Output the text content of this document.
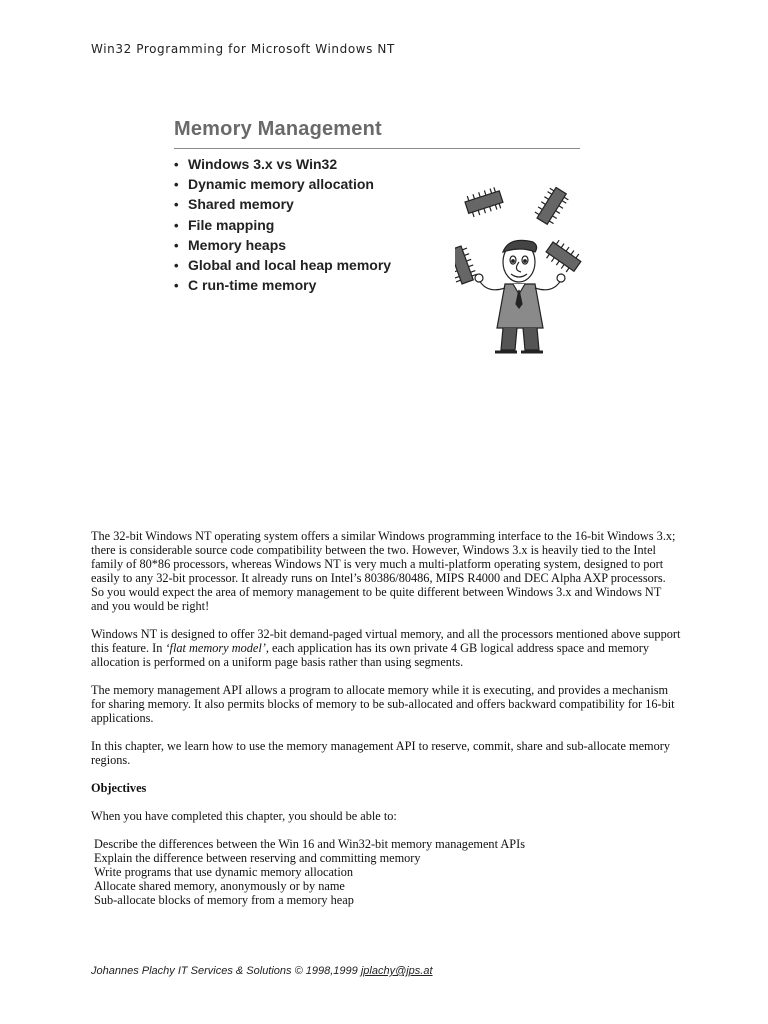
Win32 Programming for Microsoft Windows NT
Memory Management
• Windows 3.x vs Win32
• Dynamic memory allocation
• Shared memory
• File mapping
• Memory heaps
• Global and local heap memory
• C run-time memory

The 32-bit Windows NT operating system offers a similar Windows programming interface to the 16-bit Windows 3.x; there is considerable source code compatibility between the two. However, Windows 3.x is heavily tied to the Intel family of 80*86 processors, whereas Windows NT is very much a multi-platform operating system, designed to port easily to any 32-bit processor. It already runs on Intel’s 80386/80486, MIPS R4000 and DEC Alpha AXP processors. So you would expect the area of memory management to be quite different between Windows 3.x and Windows NT and you would be right!

Windows NT is designed to offer 32-bit demand-paged virtual memory, and all the processors mentioned above support this feature. In ‘flat memory model’, each application has its own private 4 GB logical address space and memory allocation is performed on a uniform page basis rather than using segments.

The memory management API allows a program to allocate memory while it is executing, and provides a mechanism for sharing memory. It also permits blocks of memory to be sub-allocated and offers backward compatibility for 16-bit applications.

In this chapter, we learn how to use the memory management API to reserve, commit, share and sub-allocate memory regions.

Objectives

When you have completed this chapter, you should be able to:

Describe the differences between the Win 16 and Win32-bit memory management APIs
Explain the difference between reserving and committing memory
Write programs that use dynamic memory allocation
Allocate shared memory, anonymously or by name
Sub-allocate blocks of memory from a memory heap
Johannes Plachy IT Services & Solutions © 1998,1999 jplachy@jps.at
